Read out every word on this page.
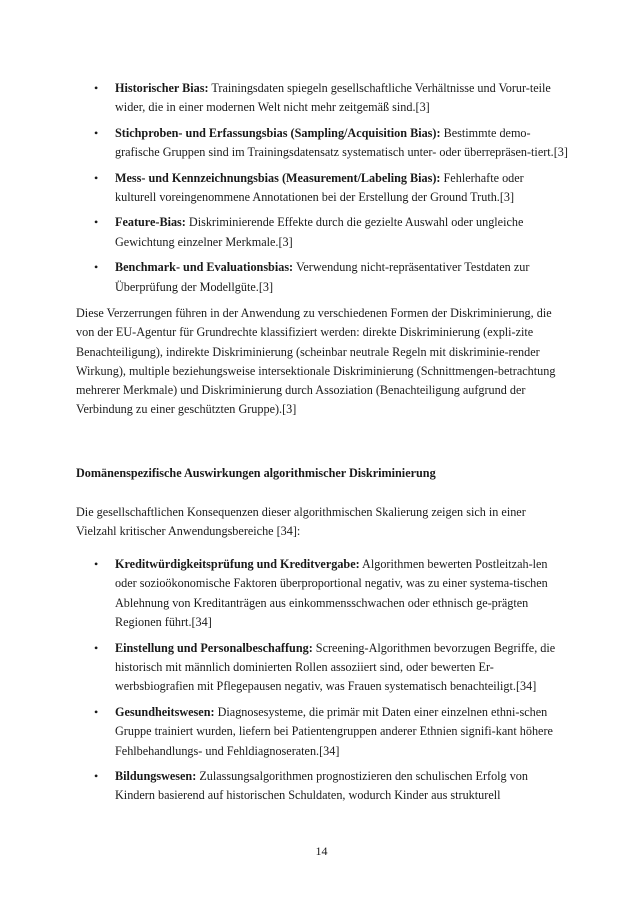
• Historischer Bias: Trainingsdaten spiegeln gesellschaftliche Verhältnisse und Vorur-teile wider, die in einer modernen Welt nicht mehr zeitgemäß sind.[3]
• Stichproben- und Erfassungsbias (Sampling/Acquisition Bias): Bestimmte demo-grafische Gruppen sind im Trainingsdatensatz systematisch unter- oder überrepräsen-tiert.[3]
• Mess- und Kennzeichnungsbias (Measurement/Labeling Bias): Fehlerhafte oder kulturell voreingenommene Annotationen bei der Erstellung der Ground Truth.[3]
• Feature-Bias: Diskriminierende Effekte durch die gezielte Auswahl oder ungleiche Gewichtung einzelner Merkmale.[3]
• Benchmark- und Evaluationsbias: Verwendung nicht-repräsentativer Testdaten zur Überprüfung der Modellgüte.[3]

Diese Verzerrungen führen in der Anwendung zu verschiedenen Formen der Diskriminierung, die von der EU-Agentur für Grundrechte klassifiziert werden: direkte Diskriminierung (expli-zite Benachteiligung), indirekte Diskriminierung (scheinbar neutrale Regeln mit diskriminie-render Wirkung), multiple beziehungsweise intersektionale Diskriminierung (Schnittmengen-betrachtung mehrerer Merkmale) und Diskriminierung durch Assoziation (Benachteiligung aufgrund der Verbindung zu einer geschützten Gruppe).[3]

Domänenspezifische Auswirkungen algorithmischer Diskriminierung

Die gesellschaftlichen Konsequenzen dieser algorithmischen Skalierung zeigen sich in einer Vielzahl kritischer Anwendungsbereiche [34]:

• Kreditwürdigkeitsprüfung und Kreditvergabe: Algorithmen bewerten Postleitzah-len oder sozioökonomische Faktoren überproportional negativ, was zu einer systema-tischen Ablehnung von Kreditanträgen aus einkommensschwachen oder ethnisch ge-prägten Regionen führt.[34]
• Einstellung und Personalbeschaffung: Screening-Algorithmen bevorzugen Begriffe, die historisch mit männlich dominierten Rollen assoziiert sind, oder bewerten Er-werbsbiografien mit Pflegepausen negativ, was Frauen systematisch benachteiligt.[34]
• Gesundheitswesen: Diagnosesysteme, die primär mit Daten einer einzelnen ethni-schen Gruppe trainiert wurden, liefern bei Patientengruppen anderer Ethnien signifi-kant höhere Fehlbehandlungs- und Fehldiagnoseraten.[34]
• Bildungswesen: Zulassungsalgorithmen prognostizieren den schulischen Erfolg von Kindern basierend auf historischen Schuldaten, wodurch Kinder aus strukturell
14
